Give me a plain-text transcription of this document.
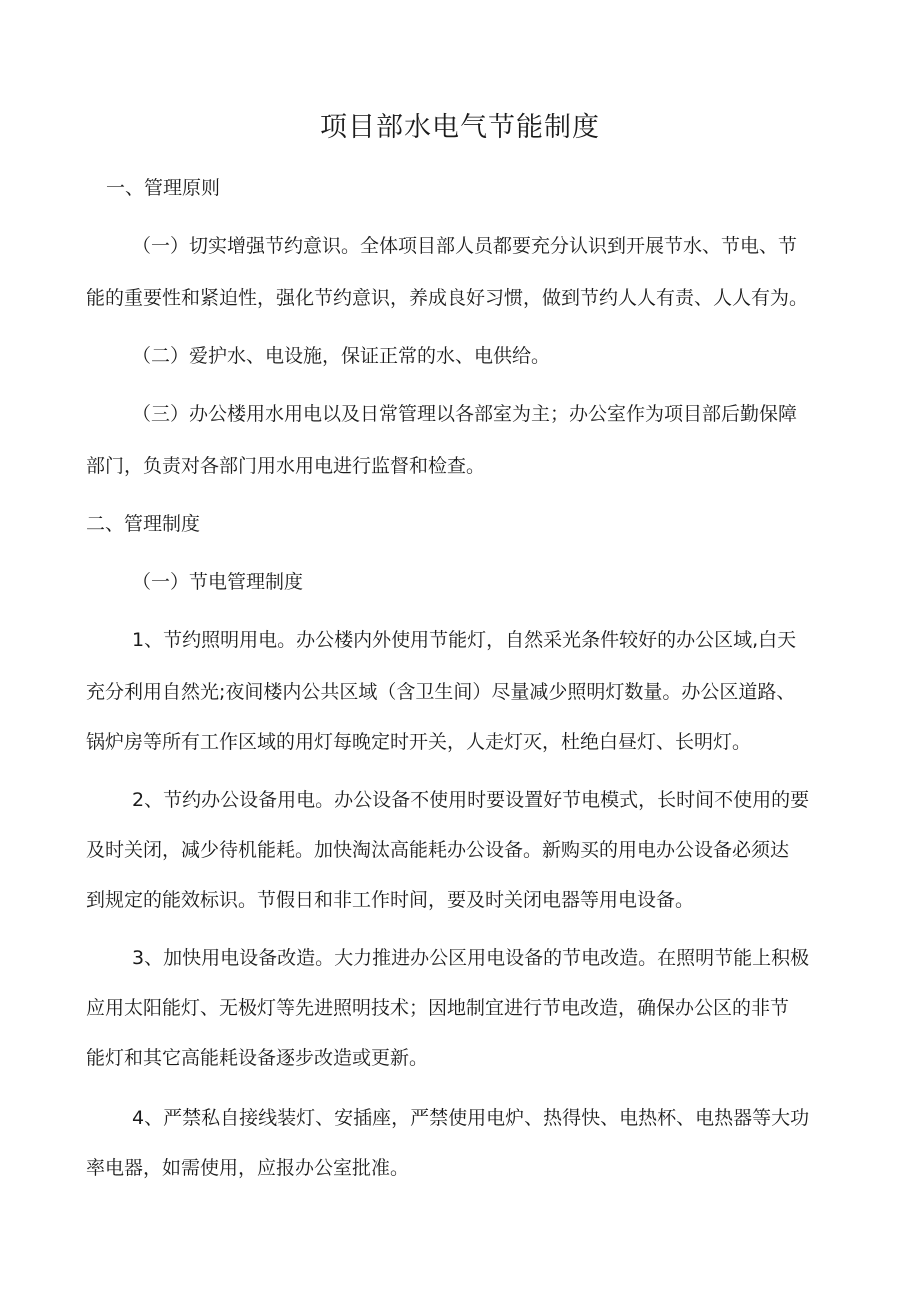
项目部水电气节能制度

一、管理原则

（一）切实增强节约意识。全体项目部人员都要充分认识到开展节水、节电、节

能的重要性和紧迫性，强化节约意识，养成良好习惯，做到节约人人有责、人人有为。

（二）爱护水、电设施，保证正常的水、电供给。

（三）办公楼用水用电以及日常管理以各部室为主；办公室作为项目部后勤保障

部门，负责对各部门用水用电进行监督和检查。

二、管理制度

（一）节电管理制度

1、节约照明用电。办公楼内外使用节能灯，自然采光条件较好的办公区域,白天

充分利用自然光;夜间楼内公共区域（含卫生间）尽量减少照明灯数量。办公区道路、

锅炉房等所有工作区域的用灯每晚定时开关，人走灯灭，杜绝白昼灯、长明灯。

2、节约办公设备用电。办公设备不使用时要设置好节电模式，长时间不使用的要

及时关闭，减少待机能耗。加快淘汰高能耗办公设备。新购买的用电办公设备必须达

到规定的能效标识。节假日和非工作时间，要及时关闭电器等用电设备。

3、加快用电设备改造。大力推进办公区用电设备的节电改造。在照明节能上积极

应用太阳能灯、无极灯等先进照明技术；因地制宜进行节电改造，确保办公区的非节

能灯和其它高能耗设备逐步改造或更新。

4、严禁私自接线装灯、安插座，严禁使用电炉、热得快、电热杯、电热器等大功

率电器，如需使用，应报办公室批准。
